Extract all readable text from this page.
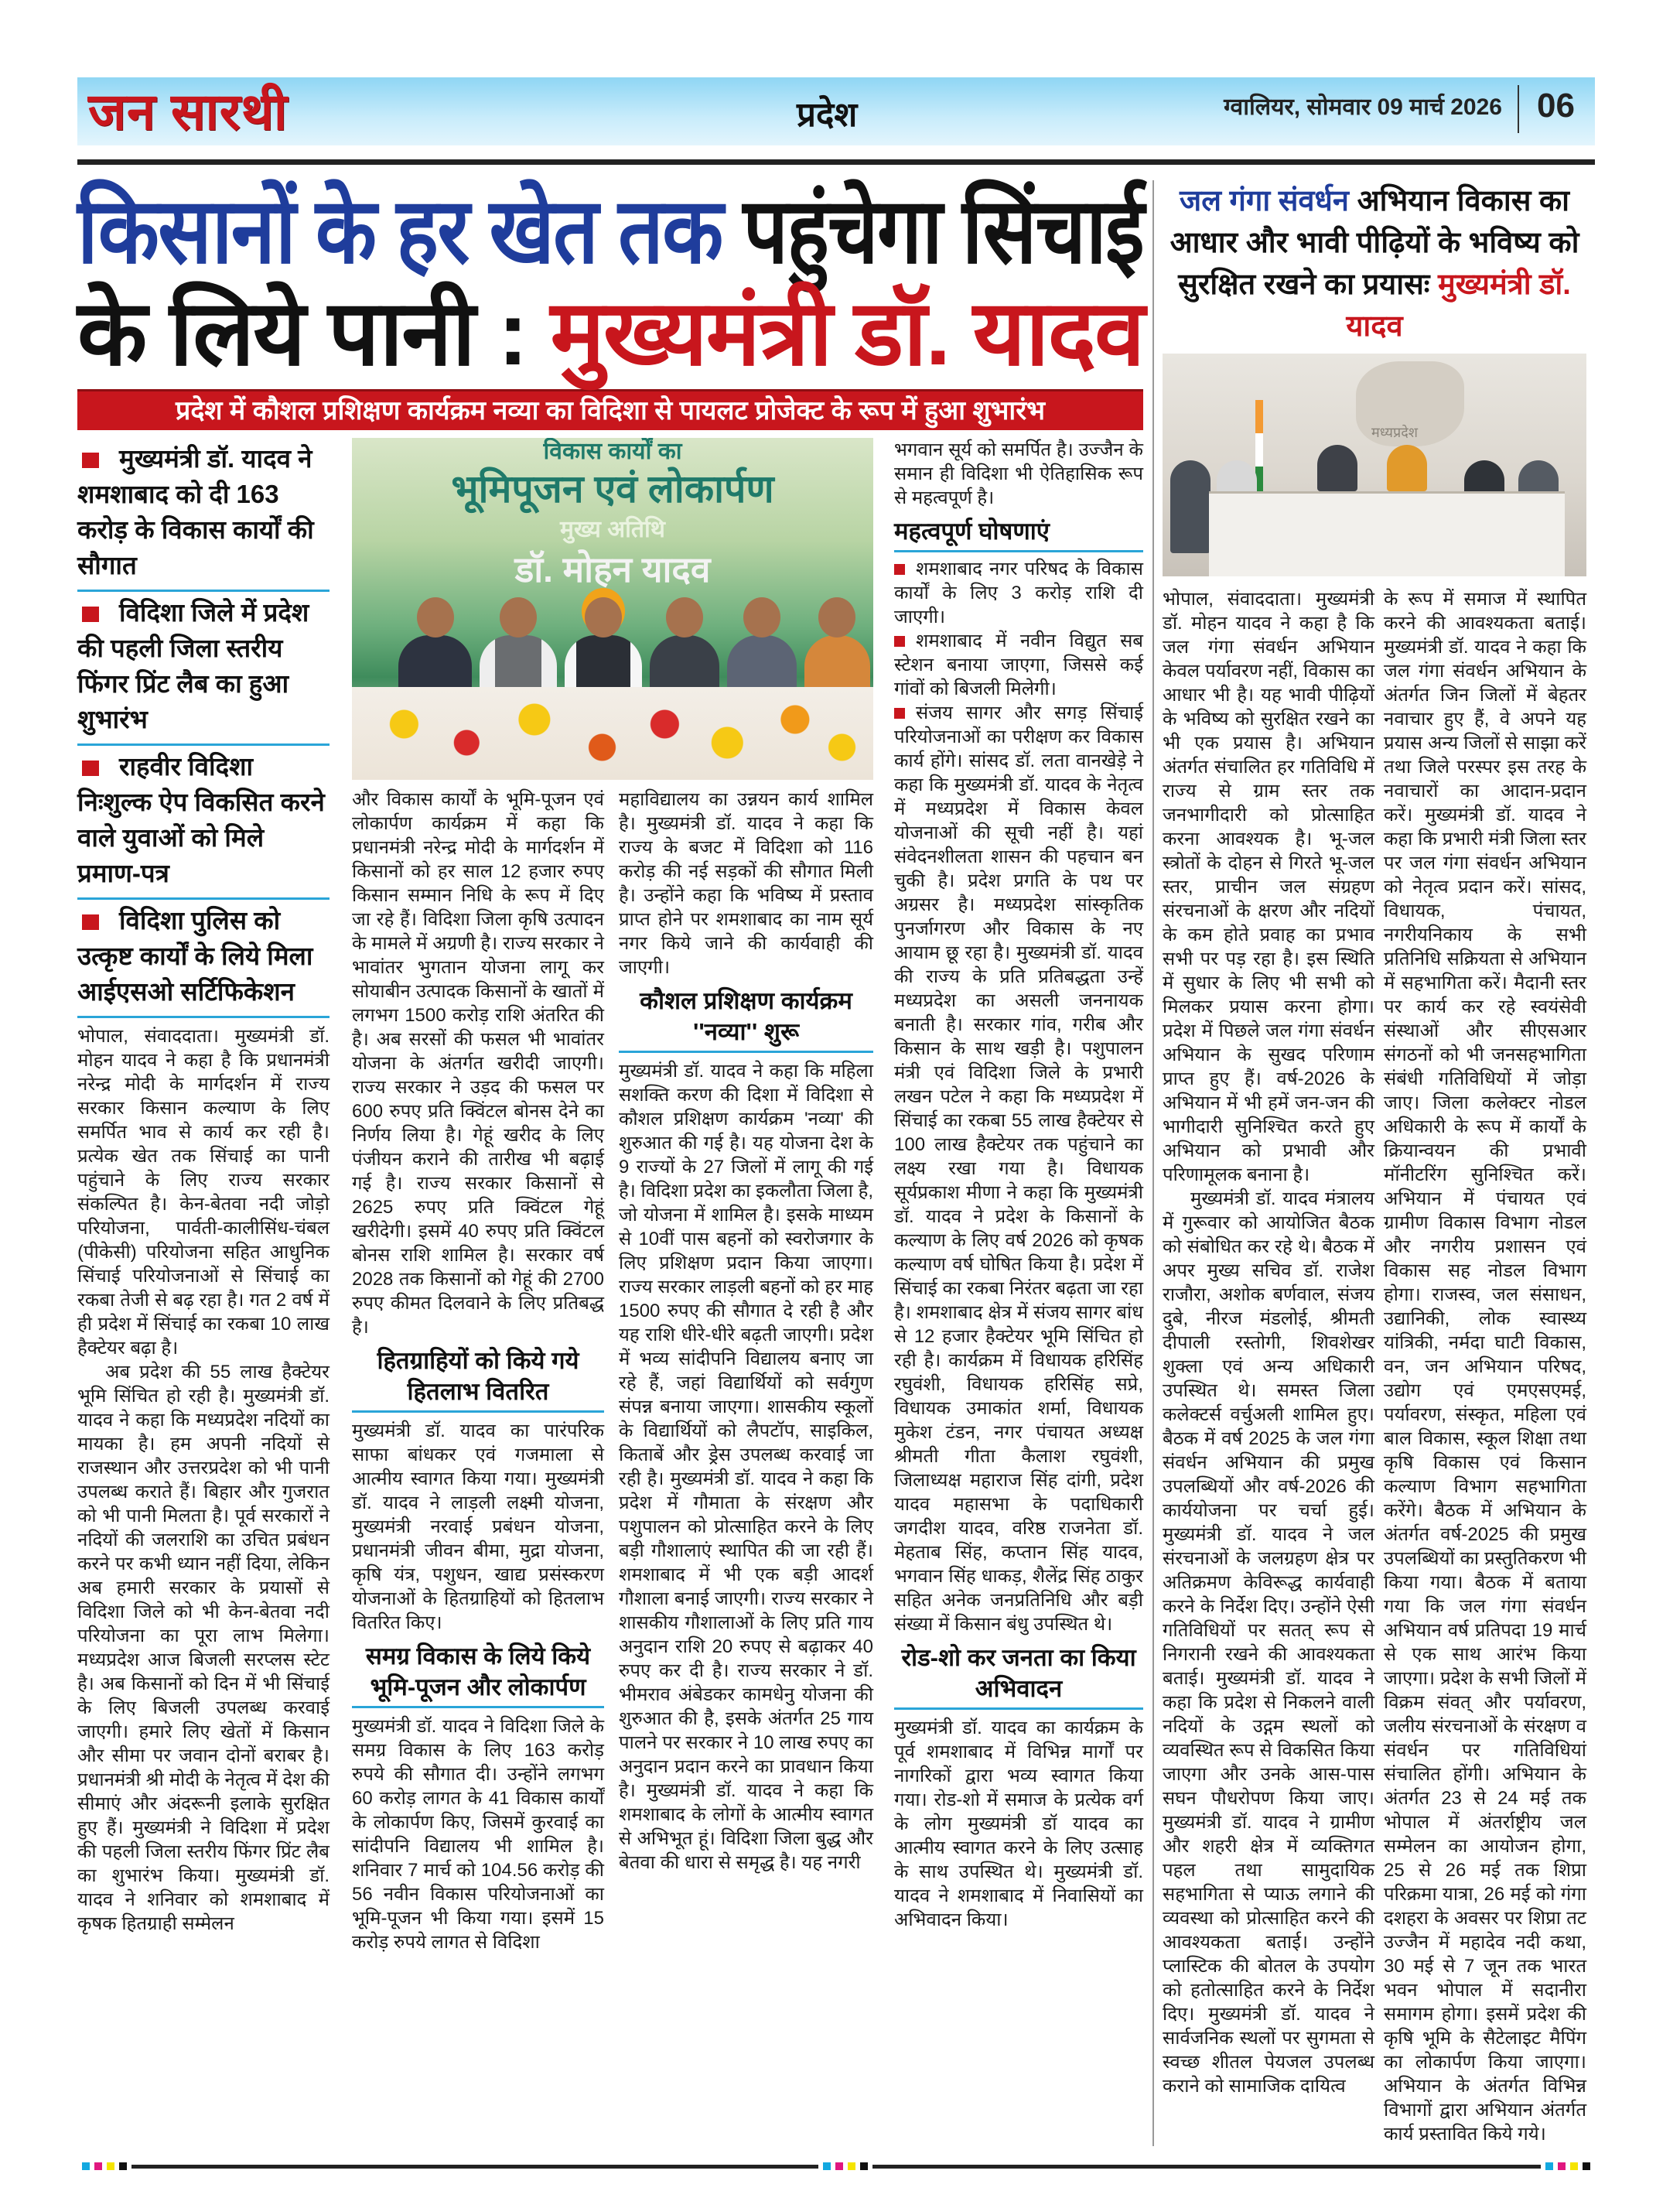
जन सारथी	प्रदेश	ग्वालियर, सोमवार 09 मार्च 2026 06
किसानों के हर खेत तक पहुंचेगा सिंचाई
के लिये पानी : मुख्यमंत्री डॉ. यादव
प्रदेश में कौशल प्रशिक्षण कार्यक्रम नव्या का विदिशा से पायलट प्रोजेक्ट के रूप में हुआ शुभारंभ
मुख्यमंत्री डॉ. यादव ने शमशाबाद को दी 163 करोड़ के विकास कार्यों की सौगात
विदिशा जिले में प्रदेश की पहली जिला स्तरीय फिंगर प्रिंट लैब का हुआ शुभारंभ
राहवीर विदिशा निःशुल्क ऐप विकसित करने वाले युवाओं को मिले प्रमाण-पत्र
विदिशा पुलिस को उत्कृष्ट कार्यों के लिये मिला आईएसओ सर्टिफिकेशन

भोपाल, संवाददाता। मुख्यमंत्री डॉ. मोहन यादव ने कहा है कि प्रधानमंत्री नरेन्द्र मोदी के मार्गदर्शन में राज्य सरकार किसान कल्याण के लिए समर्पित भाव से कार्य कर रही है। प्रत्येक खेत तक सिंचाई का पानी पहुंचाने के लिए राज्य सरकार संकल्पित है। केन-बेतवा नदी जोड़ो परियोजना, पार्वती-कालीसिंध-चंबल (पीकेसी) परियोजना सहित आधुनिक सिंचाई परियोजनाओं से सिंचाई का रकबा तेजी से बढ़ रहा है। गत 2 वर्ष में ही प्रदेश में सिंचाई का रकबा 10 लाख हैक्टेयर बढ़ा है।

अब प्रदेश की 55 लाख हैक्टेयर भूमि सिंचित हो रही है। मुख्यमंत्री डॉ. यादव ने कहा कि मध्यप्रदेश नदियों का मायका है। हम अपनी नदियों से राजस्थान और उत्तरप्रदेश को भी पानी उपलब्ध कराते हैं। बिहार और गुजरात को भी पानी मिलता है। पूर्व सरकारों ने नदियों की जलराशि का उचित प्रबंधन करने पर कभी ध्यान नहीं दिया, लेकिन अब हमारी सरकार के प्रयासों से विदिशा जिले को भी केन-बेतवा नदी परियोजना का पूरा लाभ मिलेगा। मध्यप्रदेश आज बिजली सरप्लस स्टेट है। अब किसानों को दिन में भी सिंचाई के लिए बिजली उपलब्ध करवाई जाएगी। हमारे लिए खेतों में किसान और सीमा पर जवान दोनों बराबर है। प्रधानमंत्री श्री मोदी के नेतृत्व में देश की सीमाएं और अंदरूनी इलाके सुरक्षित हुए हैं। मुख्यमंत्री ने विदिशा में प्रदेश की पहली जिला स्तरीय फिंगर प्रिंट लैब का शुभारंभ किया। मुख्यमंत्री डॉ. यादव ने शनिवार को शमशाबाद में कृषक हितग्राही सम्मेलन

विकास कार्यों का
भूमिपूजन एवं लोकार्पण
मुख्य अतिथि
डॉ. मोहन यादव

और विकास कार्यों के भूमि-पूजन एवं लोकार्पण कार्यक्रम में कहा कि प्रधानमंत्री नरेन्द्र मोदी के मार्गदर्शन में किसानों को हर साल 12 हजार रुपए किसान सम्मान निधि के रूप में दिए जा रहे हैं। विदिशा जिला कृषि उत्पादन के मामले में अग्रणी है। राज्य सरकार ने भावांतर भुगतान योजना लागू कर सोयाबीन उत्पादक किसानों के खातों में लगभग 1500 करोड़ राशि अंतरित की है। अब सरसों की फसल भी भावांतर योजना के अंतर्गत खरीदी जाएगी। राज्य सरकार ने उड़द की फसल पर 600 रुपए प्रति क्विंटल बोनस देने का निर्णय लिया है। गेहूं खरीद के लिए पंजीयन कराने की तारीख भी बढ़ाई गई है। राज्य सरकार किसानों से 2625 रुपए प्रति क्विंटल गेहूं खरीदेगी। इसमें 40 रुपए प्रति क्विंटल बोनस राशि शामिल है। सरकार वर्ष 2028 तक किसानों को गेहूं की 2700 रुपए कीमत दिलवाने के लिए प्रतिबद्ध है।

हितग्राहियों को किये गये हितलाभ वितरित

मुख्यमंत्री डॉ. यादव का पारंपरिक साफा बांधकर एवं गजमाला से आत्मीय स्वागत किया गया। मुख्यमंत्री डॉ. यादव ने लाड़ली लक्ष्मी योजना, मुख्यमंत्री नरवाई प्रबंधन योजना, प्रधानमंत्री जीवन बीमा, मुद्रा योजना, कृषि यंत्र, पशुधन, खाद्य प्रसंस्करण योजनाओं के हितग्राहियों को हितलाभ वितरित किए।

समग्र विकास के लिये किये भूमि-पूजन और लोकार्पण

मुख्यमंत्री डॉ. यादव ने विदिशा जिले के समग्र विकास के लिए 163 करोड़ रुपये की सौगात दी। उन्होंने लगभग 60 करोड़ लागत के 41 विकास कार्यों के लोकार्पण किए, जिसमें कुरवाई का सांदीपनि विद्यालय भी शामिल है। शनिवार 7 मार्च को 104.56 करोड़ की 56 नवीन विकास परियोजनाओं का भूमि-पूजन भी किया गया। इसमें 15 करोड़ रुपये लागत से विदिशा

महाविद्यालय का उन्नयन कार्य शामिल है। मुख्यमंत्री डॉ. यादव ने कहा कि राज्य के बजट में विदिशा को 116 करोड़ की नई सड़कों की सौगात मिली है। उन्होंने कहा कि भविष्य में प्रस्ताव प्राप्त होने पर शमशाबाद का नाम सूर्य नगर किये जाने की कार्यवाही की जाएगी।

कौशल प्रशिक्षण कार्यक्रम ''नव्या'' शुरू

मुख्यमंत्री डॉ. यादव ने कहा कि महिला सशक्ति करण की दिशा में विदिशा से कौशल प्रशिक्षण कार्यक्रम 'नव्या' की शुरुआत की गई है। यह योजना देश के 9 राज्यों के 27 जिलों में लागू की गई है। विदिशा प्रदेश का इकलौता जिला है, जो योजना में शामिल है। इसके माध्यम से 10वीं पास बहनों को स्वरोजगार के लिए प्रशिक्षण प्रदान किया जाएगा। राज्य सरकार लाड़ली बहनों को हर माह 1500 रुपए की सौगात दे रही है और यह राशि धीरे-धीरे बढ़ती जाएगी। प्रदेश में भव्य सांदीपनि विद्यालय बनाए जा रहे हैं, जहां विद्यार्थियों को सर्वगुण संपन्न बनाया जाएगा। शासकीय स्कूलों के विद्यार्थियों को लैपटॉप, साइकिल, किताबें और ड्रेस उपलब्ध करवाई जा रही है। मुख्यमंत्री डॉ. यादव ने कहा कि प्रदेश में गौमाता के संरक्षण और पशुपालन को प्रोत्साहित करने के लिए बड़ी गौशालाएं स्थापित की जा रही हैं। शमशाबाद में भी एक बड़ी आदर्श गौशाला बनाई जाएगी। राज्य सरकार ने शासकीय गौशालाओं के लिए प्रति गाय अनुदान राशि 20 रुपए से बढ़ाकर 40 रुपए कर दी है। राज्य सरकार ने डॉ. भीमराव अंबेडकर कामधेनु योजना की शुरुआत की है, इसके अंतर्गत 25 गाय पालने पर सरकार ने 10 लाख रुपए का अनुदान प्रदान करने का प्रावधान किया है। मुख्यमंत्री डॉ. यादव ने कहा कि शमशाबाद के लोगों के आत्मीय स्वागत से अभिभूत हूं। विदिशा जिला बुद्ध और बेतवा की धारा से समृद्ध है। यह नगरी

भगवान सूर्य को समर्पित है। उज्जैन के समान ही विदिशा भी ऐतिहासिक रूप से महत्वपूर्ण है।

महत्वपूर्ण घोषणाएं

शमशाबाद नगर परिषद के विकास कार्यों के लिए 3 करोड़ राशि दी जाएगी।

शमशाबाद में नवीन विद्युत सब स्टेशन बनाया जाएगा, जिससे कई गांवों को बिजली मिलेगी।

संजय सागर और सगड़ सिंचाई परियोजनाओं का परीक्षण कर विकास कार्य होंगे। सांसद डॉ. लता वानखेड़े ने कहा कि मुख्यमंत्री डॉ. यादव के नेतृत्व में मध्यप्रदेश में विकास केवल योजनाओं की सूची नहीं है। यहां संवेदनशीलता शासन की पहचान बन चुकी है। प्रदेश प्रगति के पथ पर अग्रसर है। मध्यप्रदेश सांस्कृतिक पुनर्जागरण और विकास के नए आयाम छू रहा है। मुख्यमंत्री डॉ. यादव की राज्य के प्रति प्रतिबद्धता उन्हें मध्यप्रदेश का असली जननायक बनाती है। सरकार गांव, गरीब और किसान के साथ खड़ी है। पशुपालन मंत्री एवं विदिशा जिले के प्रभारी लखन पटेल ने कहा कि मध्यप्रदेश में सिंचाई का रकबा 55 लाख हैक्टेयर से 100 लाख हैक्टेयर तक पहुंचाने का लक्ष्य रखा गया है। विधायक सूर्यप्रकाश मीणा ने कहा कि मुख्यमंत्री डॉ. यादव ने प्रदेश के किसानों के कल्याण के लिए वर्ष 2026 को कृषक कल्याण वर्ष घोषित किया है। प्रदेश में सिंचाई का रकबा निरंतर बढ़ता जा रहा है। शमशाबाद क्षेत्र में संजय सागर बांध से 12 हजार हैक्टेयर भूमि सिंचित हो रही है। कार्यक्रम में विधायक हरिसिंह रघुवंशी, विधायक हरिसिंह सप्रे, विधायक उमाकांत शर्मा, विधायक मुकेश टंडन, नगर पंचायत अध्यक्ष श्रीमती गीता कैलाश रघुवंशी, जिलाध्यक्ष महाराज सिंह दांगी, प्रदेश यादव महासभा के पदाधिकारी जगदीश यादव, वरिष्ठ राजनेता डॉ. मेहताब सिंह, कप्तान सिंह यादव, भगवान सिंह धाकड़, शैलेंद्र सिंह ठाकुर सहित अनेक जनप्रतिनिधि और बड़ी संख्या में किसान बंधु उपस्थित थे।

रोड-शो कर जनता का किया अभिवादन

मुख्यमंत्री डॉ. यादव का कार्यक्रम के पूर्व शमशाबाद में विभिन्न मार्गों पर नागरिकों द्वारा भव्य स्वागत किया गया। रोड-शो में समाज के प्रत्येक वर्ग के लोग मुख्यमंत्री डॉ यादव का आत्मीय स्वागत करने के लिए उत्साह के साथ उपस्थित थे। मुख्यमंत्री डॉ. यादव ने शमशाबाद में निवासियों का अभिवादन किया।

जल गंगा संवर्धन अभियान विकास का आधार और भावी पीढ़ियों के भविष्य को सुरक्षित रखने का प्रयासः मुख्यमंत्री डॉ. यादव
मध्यप्रदेश

भोपाल, संवाददाता। मुख्यमंत्री डॉ. मोहन यादव ने कहा है कि जल गंगा संवर्धन अभियान केवल पर्यावरण नहीं, विकास का आधार भी है। यह भावी पीढ़ियों के भविष्य को सुरक्षित रखने का भी एक प्रयास है। अभियान अंतर्गत संचालित हर गतिविधि में राज्य से ग्राम स्तर तक जनभागीदारी को प्रोत्साहित करना आवश्यक है। भू-जल स्त्रोतों के दोहन से गिरते भू-जल स्तर, प्राचीन जल संग्रहण संरचनाओं के क्षरण और नदियों के कम होते प्रवाह का प्रभाव सभी पर पड़ रहा है। इस स्थिति में सुधार के लिए भी सभी को मिलकर प्रयास करना होगा। प्रदेश में पिछले जल गंगा संवर्धन अभियान के सुखद परिणाम प्राप्त हुए हैं। वर्ष-2026 के अभियान में भी हमें जन-जन की भागीदारी सुनिश्चित करते हुए अभियान को प्रभावी और परिणामूलक बनाना है।

मुख्यमंत्री डॉ. यादव मंत्रालय में गुरूवार को आयोजित बैठक को संबोधित कर रहे थे। बैठक में अपर मुख्य सचिव डॉ. राजेश राजौरा, अशोक बर्णवाल, संजय दुबे, नीरज मंडलोई, श्रीमती दीपाली रस्तोगी, शिवशेखर शुक्ला एवं अन्य अधिकारी उपस्थित थे। समस्त जिला कलेक्टर्स वर्चुअली शामिल हुए। बैठक में वर्ष 2025 के जल गंगा संवर्धन अभियान की प्रमुख उपलब्धियों और वर्ष-2026 की कार्ययोजना पर चर्चा हुई। मुख्यमंत्री डॉ. यादव ने जल संरचनाओं के जलग्रहण क्षेत्र पर अतिक्रमण केविरूद्ध कार्यवाही करने के निर्देश दिए। उन्होंने ऐसी गतिविधियों पर सतत् रूप से निगरानी रखने की आवश्यकता बताई। मुख्यमंत्री डॉ. यादव ने कहा कि प्रदेश से निकलने वाली नदियों के उद्गम स्थलों को व्यवस्थित रूप से विकसित किया जाएगा और उनके आस-पास सघन पौधरोपण किया जाए। मुख्यमंत्री डॉ. यादव ने ग्रामीण और शहरी क्षेत्र में व्यक्तिगत पहल तथा सामुदायिक सहभागिता से प्याऊ लगाने की व्यवस्था को प्रोत्साहित करने की आवश्यकता बताई। उन्होंने प्लास्टिक की बोतल के उपयोग को हतोत्साहित करने के निर्देश दिए। मुख्यमंत्री डॉ. यादव ने सार्वजनिक स्थलों पर सुगमता से स्वच्छ शीतल पेयजल उपलब्ध कराने को सामाजिक दायित्व

के रूप में समाज में स्थापित करने की आवश्यकता बताई। मुख्यमंत्री डॉ. यादव ने कहा कि जल गंगा संवर्धन अभियान के अंतर्गत जिन जिलों में बेहतर नवाचार हुए हैं, वे अपने यह प्रयास अन्य जिलों से साझा करें तथा जिले परस्पर इस तरह के नवाचारों का आदान-प्रदान करें। मुख्यमंत्री डॉ. यादव ने कहा कि प्रभारी मंत्री जिला स्तर पर जल गंगा संवर्धन अभियान को नेतृत्व प्रदान करें। सांसद, विधायक, पंचायत, नगरीयनिकाय के सभी प्रतिनिधि सक्रियता से अभियान में सहभागिता करें। मैदानी स्तर पर कार्य कर रहे स्वयंसेवी संस्थाओं और सीएसआर संगठनों को भी जनसहभागिता संबंधी गतिविधियों में जोड़ा जाए। जिला कलेक्टर नोडल अधिकारी के रूप में कार्यों के क्रियान्वयन की प्रभावी मॉनीटरिंग सुनिश्चित करें। अभियान में पंचायत एवं ग्रामीण विकास विभाग नोडल और नगरीय प्रशासन एवं विकास सह नोडल विभाग होगा। राजस्व, जल संसाधन, उद्यानिकी, लोक स्वास्थ्य यांत्रिकी, नर्मदा घाटी विकास, वन, जन अभियान परिषद, उद्योग एवं एमएसएमई, पर्यावरण, संस्कृत, महिला एवं बाल विकास, स्कूल शिक्षा तथा कृषि विकास एवं किसान कल्याण विभाग सहभागिता करेंगे। बैठक में अभियान के अंतर्गत वर्ष-2025 की प्रमुख उपलब्धियों का प्रस्तुतिकरण भी किया गया। बैठक में बताया गया कि जल गंगा संवर्धन अभियान वर्ष प्रतिपदा 19 मार्च से एक साथ आरंभ किया जाएगा। प्रदेश के सभी जिलों में विक्रम संवत् और पर्यावरण, जलीय संरचनाओं के संरक्षण व संवर्धन पर गतिविधियां संचालित होंगी। अभियान के अंतर्गत 23 से 24 मई तक भोपाल में अंतर्राष्ट्रीय जल सम्मेलन का आयोजन होगा, 25 से 26 मई तक शिप्रा परिक्रमा यात्रा, 26 मई को गंगा दशहरा के अवसर पर शिप्रा तट उज्जैन में महादेव नदी कथा, 30 मई से 7 जून तक भारत भवन भोपाल में सदानीरा समागम होगा। इसमें प्रदेश की कृषि भूमि के सैटेलाइट मैपिंग का लोकार्पण किया जाएगा। अभियान के अंतर्गत विभिन्न विभागों द्वारा अभियान अंतर्गत कार्य प्रस्तावित किये गये।
